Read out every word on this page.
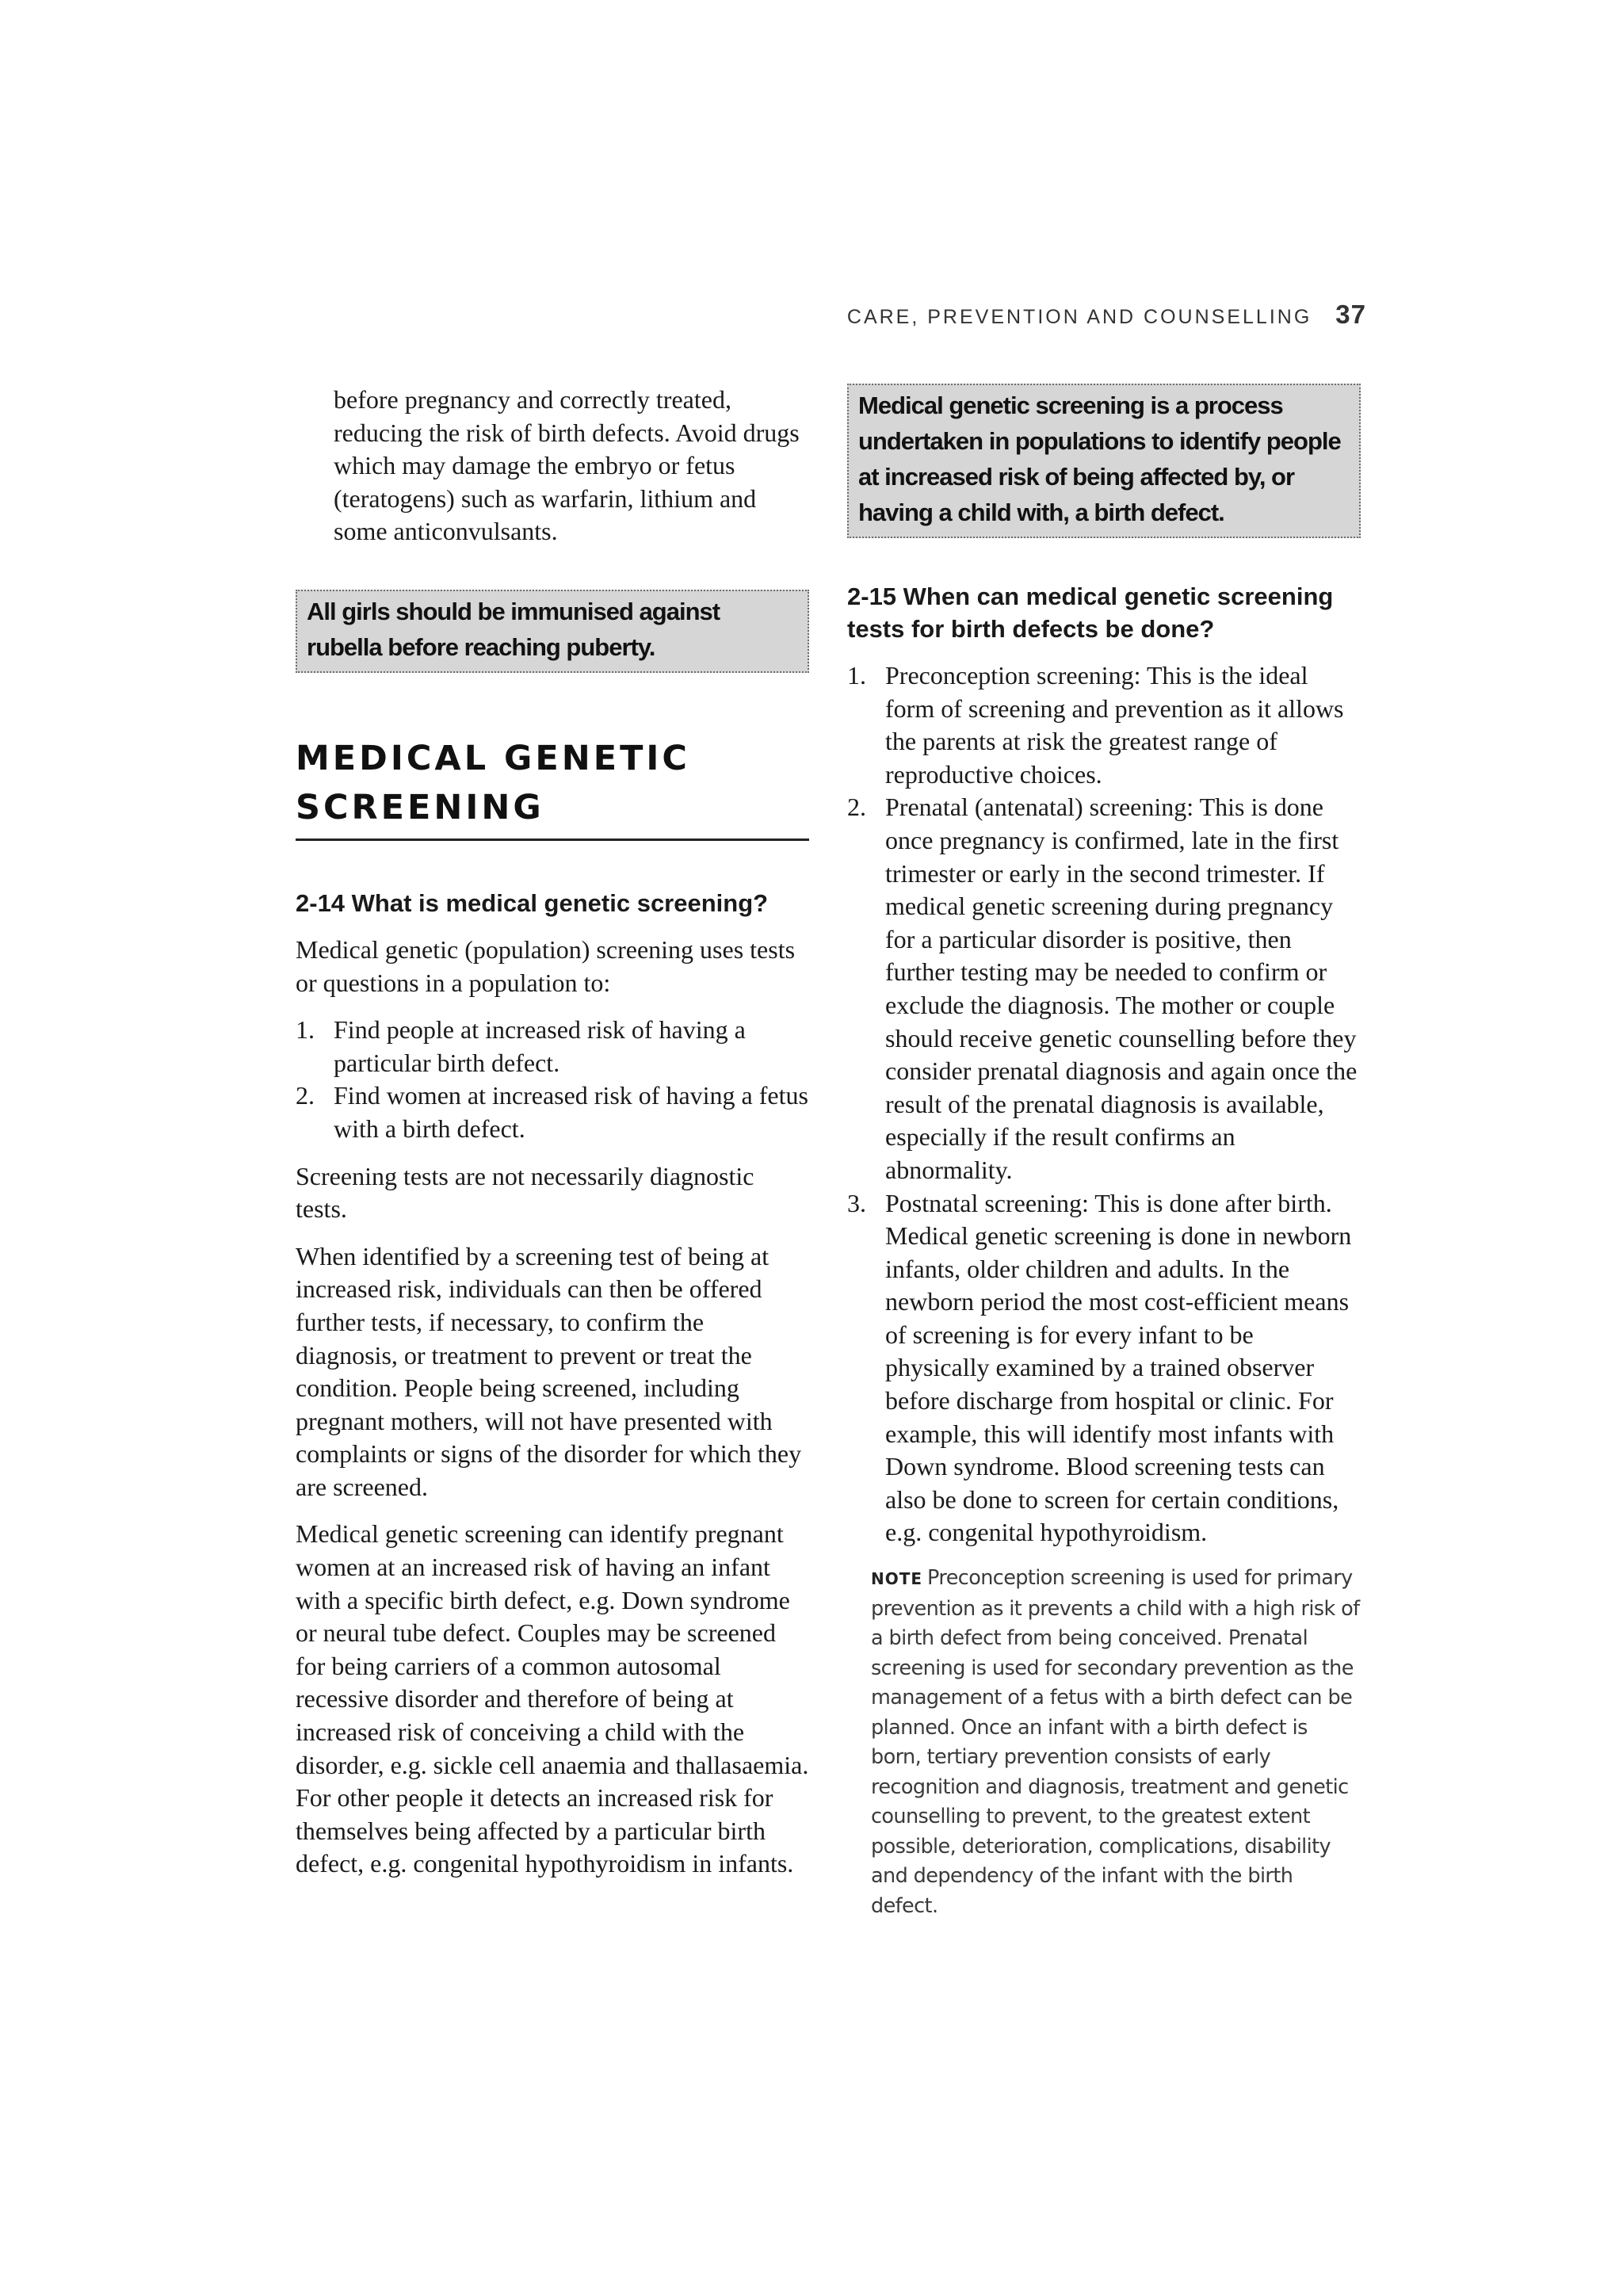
CARE, PREVENTION AND COUNSELLING 37

before pregnancy and correctly treated, reducing the risk of birth defects. Avoid drugs which may damage the embryo or fetus (teratogens) such as warfarin, lithium and some anticonvulsants.

All girls should be immunised against rubella before reaching puberty.
MEDICAL GENETIC SCREENING
2-14 What is medical genetic screening?

Medical genetic (population) screening uses tests or questions in a population to:

1. Find people at increased risk of having a particular birth defect.
2. Find women at increased risk of having a fetus with a birth defect.

Screening tests are not necessarily diagnostic tests.

When identified by a screening test of being at increased risk, individuals can then be offered further tests, if necessary, to confirm the diagnosis, or treatment to prevent or treat the condition. People being screened, including pregnant mothers, will not have presented with complaints or signs of the disorder for which they are screened.

Medical genetic screening can identify pregnant women at an increased risk of having an infant with a specific birth defect, e.g. Down syndrome or neural tube defect. Couples may be screened for being carriers of a common autosomal recessive disorder and therefore of being at increased risk of conceiving a child with the disorder, e.g. sickle cell anaemia and thallasaemia. For other people it detects an increased risk for themselves being affected by a particular birth defect, e.g. congenital hypothyroidism in infants.

Medical genetic screening is a process undertaken in populations to identify people at increased risk of being affected by, or having a child with, a birth defect.
2-15 When can medical genetic screening tests for birth defects be done?
1. Preconception screening: This is the ideal form of screening and prevention as it allows the parents at risk the greatest range of reproductive choices.
2. Prenatal (antenatal) screening: This is done once pregnancy is confirmed, late in the first trimester or early in the second trimester. If medical genetic screening during pregnancy for a particular disorder is positive, then further testing may be needed to confirm or exclude the diagnosis. The mother or couple should receive genetic counselling before they consider prenatal diagnosis and again once the result of the prenatal diagnosis is available, especially if the result confirms an abnormality.
3. Postnatal screening: This is done after birth. Medical genetic screening is done in newborn infants, older children and adults. In the newborn period the most cost-efficient means of screening is for every infant to be physically examined by a trained observer before discharge from hospital or clinic. For example, this will identify most infants with Down syndrome. Blood screening tests can also be done to screen for certain conditions, e.g. congenital hypothyroidism.

NOTE Preconception screening is used for primary prevention as it prevents a child with a high risk of a birth defect from being conceived. Prenatal screening is used for secondary prevention as the management of a fetus with a birth defect can be planned. Once an infant with a birth defect is born, tertiary prevention consists of early recognition and diagnosis, treatment and genetic counselling to prevent, to the greatest extent possible, deterioration, complications, disability and dependency of the infant with the birth defect.
